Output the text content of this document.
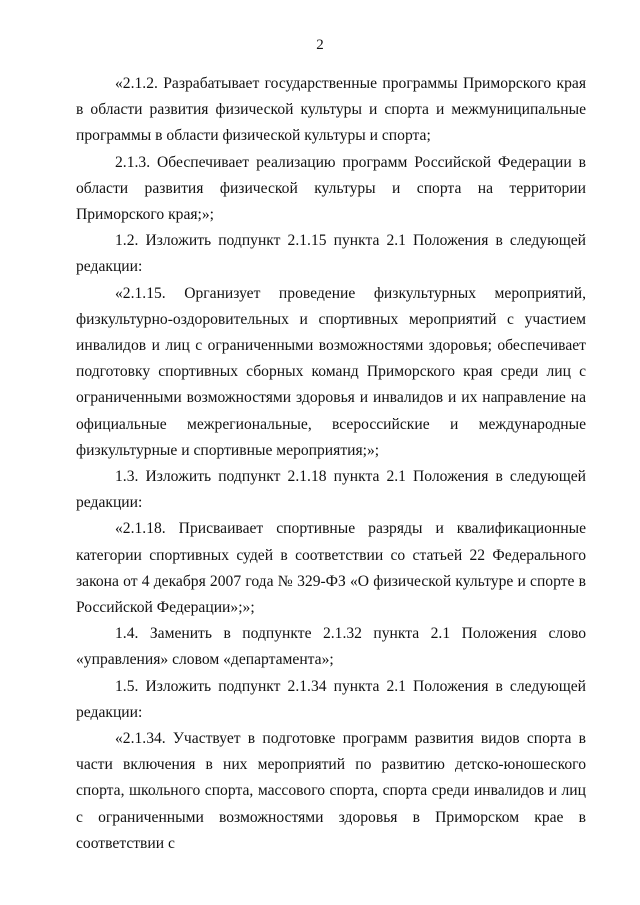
2

«2.1.2. Разрабатывает государственные программы Приморского края в области развития физической культуры и спорта и межмуниципальные программы в области физической культуры и спорта;

2.1.3. Обеспечивает реализацию программ Российской Федерации в области развития физической культуры и спорта на территории Приморского края;»;

1.2. Изложить подпункт 2.1.15 пункта 2.1 Положения в следующей редакции:

«2.1.15. Организует проведение физкультурных мероприятий, физкультурно-оздоровительных и спортивных мероприятий с участием инвалидов и лиц с ограниченными возможностями здоровья; обеспечивает подготовку спортивных сборных команд Приморского края среди лиц с ограниченными возможностями здоровья и инвалидов и их направление на официальные межрегиональные, всероссийские и международные физкультурные и спортивные мероприятия;»;

1.3. Изложить подпункт 2.1.18 пункта 2.1 Положения в следующей редакции:

«2.1.18. Присваивает спортивные разряды и квалификационные категории спортивных судей в соответствии со статьей 22 Федерального закона от 4 декабря 2007 года № 329-ФЗ «О физической культуре и спорте в Российской Федерации»;»;

1.4. Заменить в подпункте 2.1.32 пункта 2.1 Положения слово «управления» словом «департамента»;

1.5. Изложить подпункт 2.1.34 пункта 2.1 Положения в следующей редакции:

«2.1.34. Участвует в подготовке программ развития видов спорта в части включения в них мероприятий по развитию детско-юношеского спорта, школьного спорта, массового спорта, спорта среди инвалидов и лиц с ограниченными возможностями здоровья в Приморском крае в соответствии с
